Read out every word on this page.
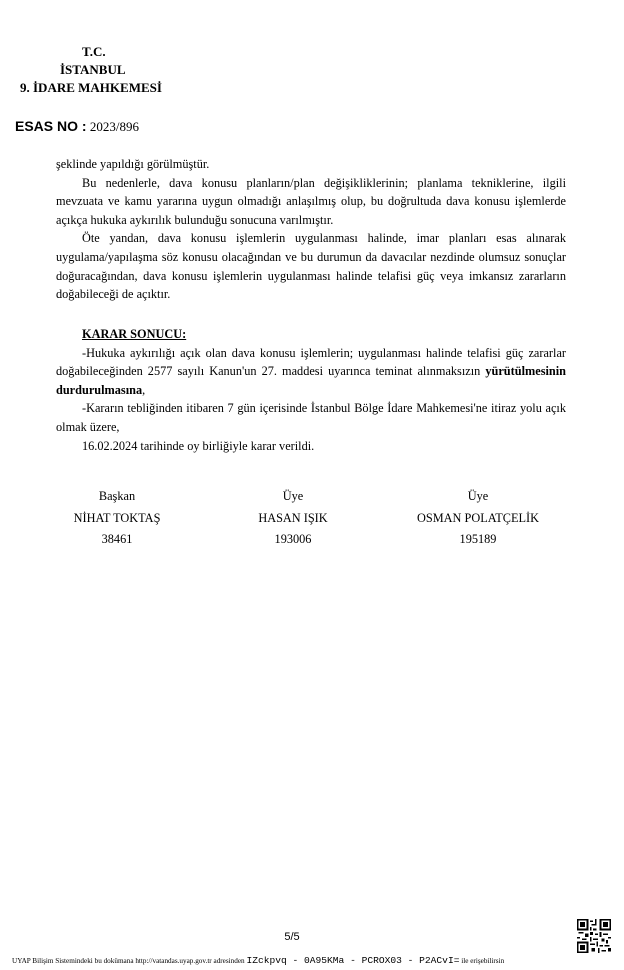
T.C.
İSTANBUL
9. İDARE MAHKEMESİ
ESAS NO : 2023/896

şeklinde yapıldığı görülmüştür.

Bu nedenlerle, dava konusu planların/plan değişikliklerinin; planlama tekniklerine, ilgili mevzuata ve kamu yararına uygun olmadığı anlaşılmış olup, bu doğrultuda dava konusu işlemlerde açıkça hukuka aykırılık bulunduğu sonucuna varılmıştır.

Öte yandan, dava konusu işlemlerin uygulanması halinde, imar planları esas alınarak uygulama/yapılaşma söz konusu olacağından ve bu durumun da davacılar nezdinde olumsuz sonuçlar doğuracağından, dava konusu işlemlerin uygulanması halinde telafisi güç veya imkansız zararların doğabileceği de açıktır.

KARAR SONUCU:

-Hukuka aykırılığı açık olan dava konusu işlemlerin; uygulanması halinde telafisi güç zararlar doğabileceğinden 2577 sayılı Kanun'un 27. maddesi uyarınca teminat alınmaksızın yürütülmesinin durdurulmasına,

-Kararın tebliğinden itibaren 7 gün içerisinde İstanbul Bölge İdare Mahkemesi'ne itiraz yolu açık olmak üzere,

16.02.2024 tarihinde oy birliğiyle karar verildi.

Başkan
NİHAT TOKTAŞ
38461
Üye
HASAN IŞIK
193006
Üye
OSMAN POLATÇELİK
195189
5/5
UYAP Bilişim Sistemindeki bu dokümana http://vatandas.uyap.gov.tr adresinden IZckpvq - 0A95KMa - PCROX03 - P2ACvI= ile erişebilirsin
